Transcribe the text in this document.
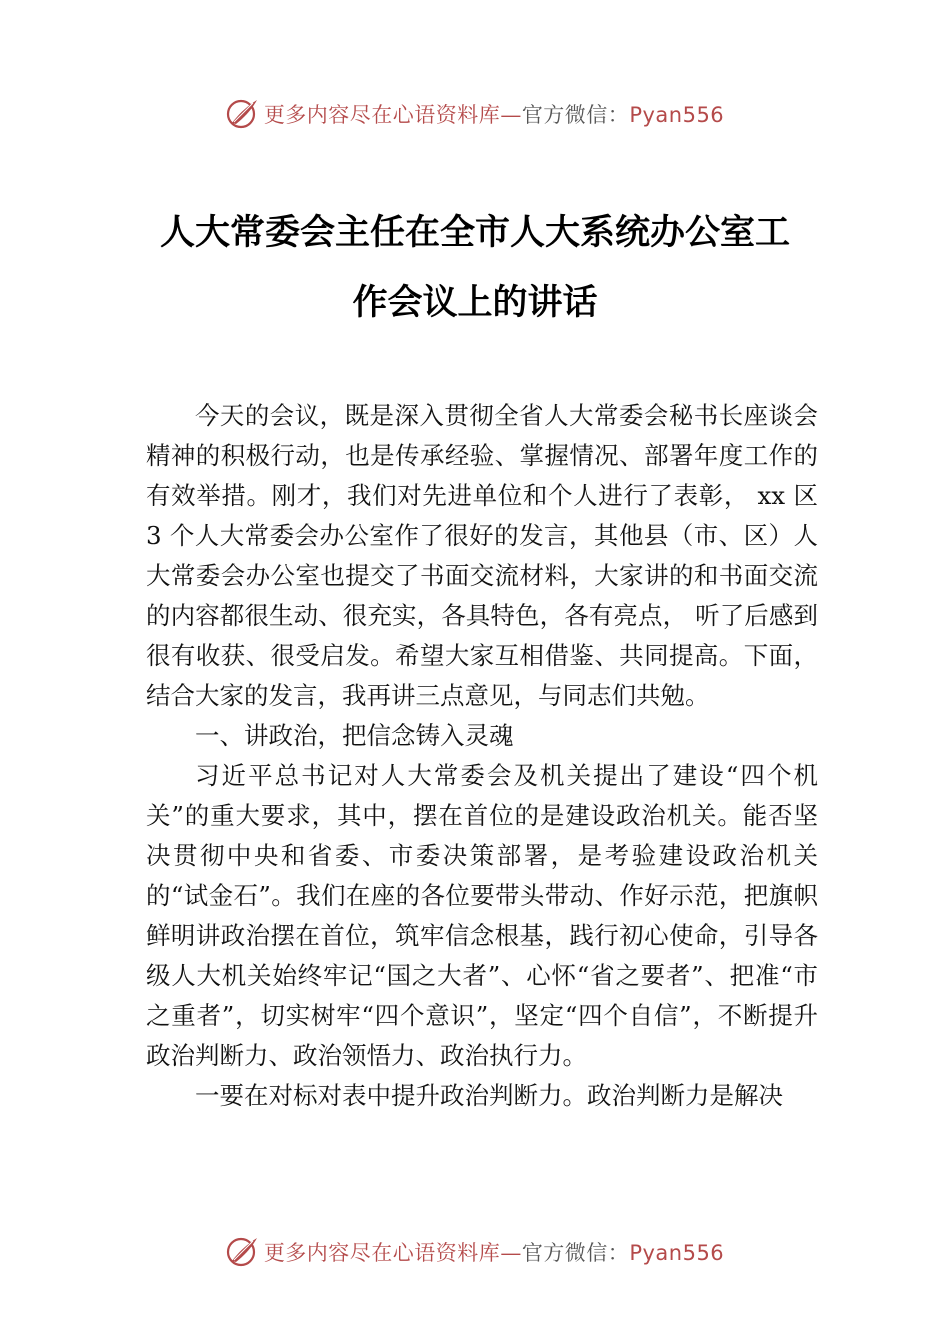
更多内容尽在心语资料库—官方微信：Pyan556
人大常委会主任在全市人大系统办公室工
作会议上的讲话

今天的会议，既是深入贯彻全省人大常委会秘书长座谈会精神的积极行动，也是传承经验、掌握情况、部署年度工作的有效举措。刚才，我们对先进单位和个人进行了表彰， xx 区 3 个人大常委会办公室作了很好的发言，其他县（市、区）人大常委会办公室也提交了书面交流材料，大家讲的和书面交流的内容都很生动、很充实，各具特色，各有亮点， 听了后感到很有收获、很受启发。希望大家互相借鉴、共同提高。下面，结合大家的发言，我再讲三点意见，与同志们共勉。

一、讲政治，把信念铸入灵魂

习近平总书记对人大常委会及机关提出了建设“四个机关”的重大要求，其中，摆在首位的是建设政治机关。能否坚决贯彻中央和省委、市委决策部署，是考验建设政治机关的“试金石”。我们在座的各位要带头带动、作好示范，把旗帜鲜明讲政治摆在首位，筑牢信念根基，践行初心使命，引导各级人大机关始终牢记“国之大者”、心怀“省之要者”、把准“市之重者”，切实树牢“四个意识”，坚定“四个自信”，不断提升政治判断力、政治领悟力、政治执行力。

一要在对标对表中提升政治判断力。政治判断力是解决

更多内容尽在心语资料库—官方微信：Pyan556
